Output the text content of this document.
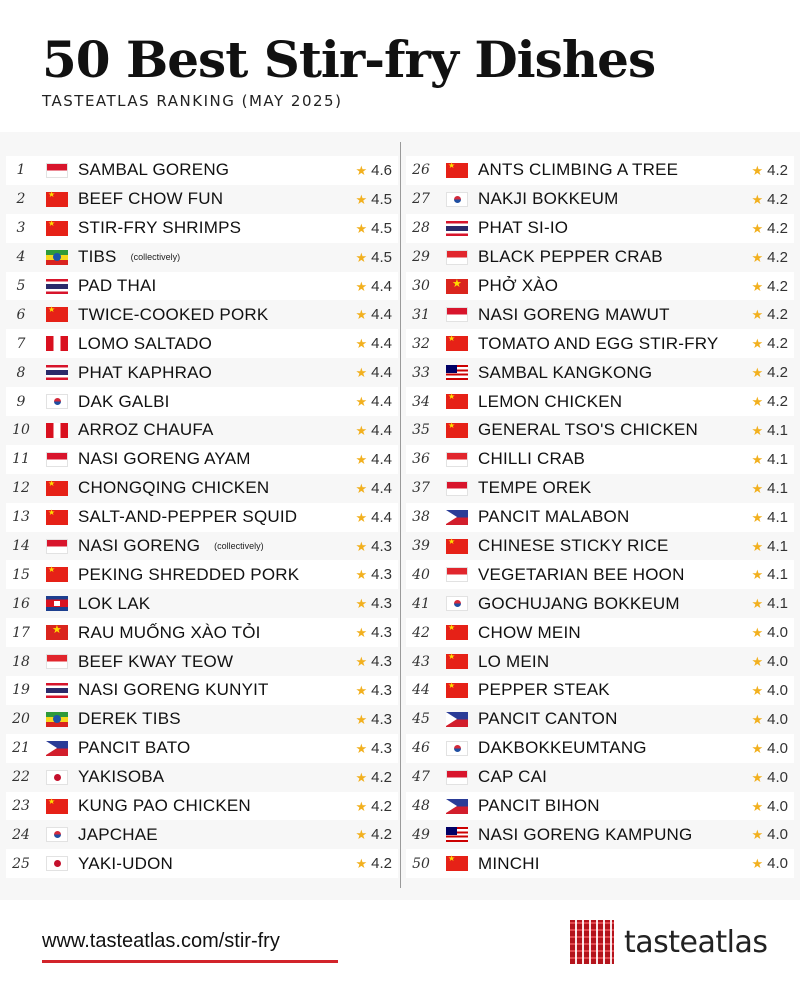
50 Best Stir-fry Dishes
TASTEATLAS RANKING (MAY 2025)
1	SAMBAL GORENG	★ 4.6
2 ★	BEEF CHOW FUN	★ 4.5
3 ★	STIR-FRY SHRIMPS	★ 4.5
4	TIBS (collectively)	★ 4.5
5	PAD THAI	★ 4.4
6 ★	TWICE-COOKED PORK	★ 4.4
7	LOMO SALTADO	★ 4.4
8	PHAT KAPHRAO	★ 4.4
9	DAK GALBI	★ 4.4
10	ARROZ CHAUFA	★ 4.4
11	NASI GORENG AYAM	★ 4.4
12 ★	CHONGQING CHICKEN	★ 4.4
13 ★	SALT-AND-PEPPER SQUID	★ 4.4
14	NASI GORENG (collectively)	★ 4.3
15 ★	PEKING SHREDDED PORK	★ 4.3
16	LOK LAK	★ 4.3
17 ★	RAU MUỐNG XÀO TỎI	★ 4.3
18	BEEF KWAY TEOW	★ 4.3
19	NASI GORENG KUNYIT	★ 4.3
20	DEREK TIBS	★ 4.3
21	PANCIT BATO	★ 4.3
22	YAKISOBA	★ 4.2
23 ★	KUNG PAO CHICKEN	★ 4.2
24	JAPCHAE	★ 4.2
25	YAKI-UDON	★ 4.2
26 ★	ANTS CLIMBING A TREE	★ 4.2
27	NAKJI BOKKEUM	★ 4.2
28	PHAT SI-IO	★ 4.2
29	BLACK PEPPER CRAB	★ 4.2
30 ★	PHỞ XÀO	★ 4.2
31	NASI GORENG MAWUT	★ 4.2
32 ★	TOMATO AND EGG STIR-FRY	★ 4.2
33	SAMBAL KANGKONG	★ 4.2
34 ★	LEMON CHICKEN	★ 4.2
35 ★	GENERAL TSO'S CHICKEN	★ 4.1
36	CHILLI CRAB	★ 4.1
37	TEMPE OREK	★ 4.1
38	PANCIT MALABON	★ 4.1
39 ★	CHINESE STICKY RICE	★ 4.1
40	VEGETARIAN BEE HOON	★ 4.1
41	GOCHUJANG BOKKEUM	★ 4.1
42 ★	CHOW MEIN	★ 4.0
43 ★	LO MEIN	★ 4.0
44 ★	PEPPER STEAK	★ 4.0
45	PANCIT CANTON	★ 4.0
46	DAKBOKKEUMTANG	★ 4.0
47	CAP CAI	★ 4.0
48	PANCIT BIHON	★ 4.0
49	NASI GORENG KAMPUNG	★ 4.0
50 ★	MINCHI	★ 4.0
www.tasteatlas.com/stir-fry	tasteatlas
